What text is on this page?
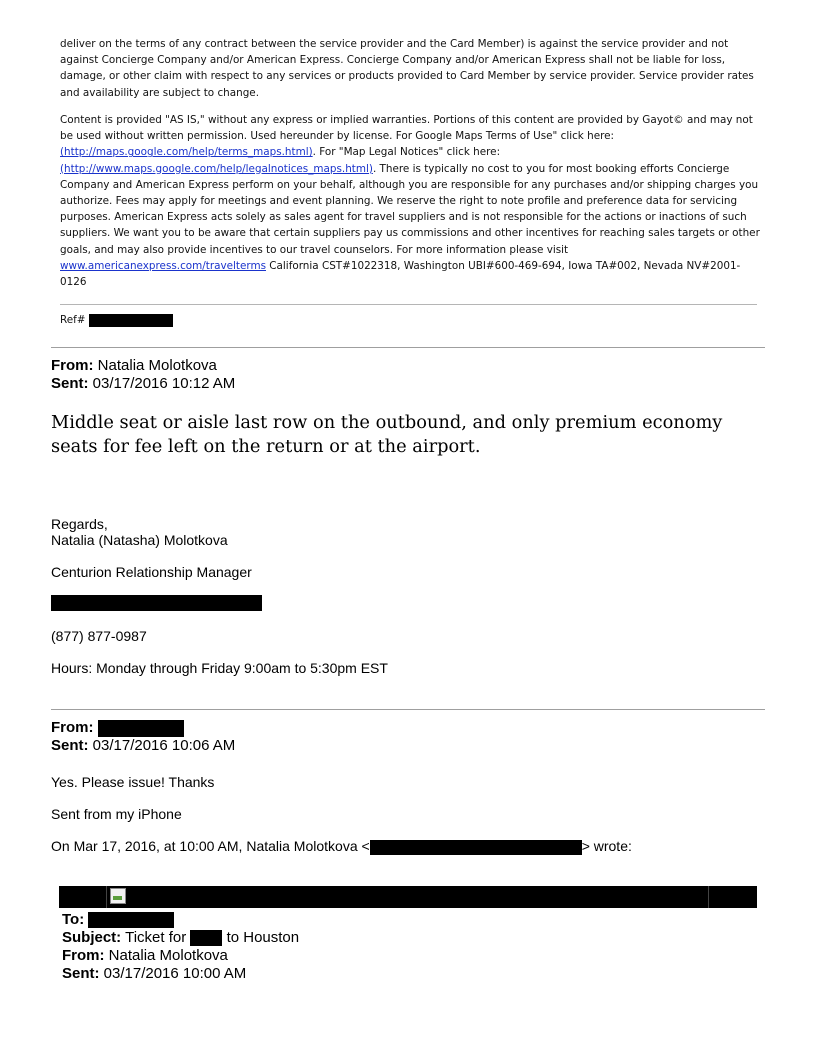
deliver on the terms of any contract between the service provider and the Card Member) is against the service provider and not against Concierge Company and/or American Express. Concierge Company and/or American Express shall not be liable for loss, damage, or other claim with respect to any services or products provided to Card Member by service provider. Service provider rates and availability are subject to change.

Content is provided "AS IS," without any express or implied warranties. Portions of this content are provided by Gayot© and may not be used without written permission. Used hereunder by license. For Google Maps Terms of Use" click here: (http://maps.google.com/help/terms_maps.html). For "Map Legal Notices" click here: (http://www.maps.google.com/help/legalnotices_maps.html). There is typically no cost to you for most booking efforts Concierge Company and American Express perform on your behalf, although you are responsible for any purchases and/or shipping charges you authorize. Fees may apply for meetings and event planning. We reserve the right to note profile and preference data for servicing purposes. American Express acts solely as sales agent for travel suppliers and is not responsible for the actions or inactions of such suppliers. We want you to be aware that certain suppliers pay us commissions and other incentives for reaching sales targets or other goals, and may also provide incentives to our travel counselors. For more information please visit www.americanexpress.com/travelterms California CST#1022318, Washington UBI#600-469-694, Iowa TA#002, Nevada NV#2001-0126

Ref#
From: Natalia Molotkova
Sent: 03/17/2016 10:12 AM
Middle seat or aisle last row on the outbound, and only premium economy seats for fee left on the return or at the airport.
Regards,
Natalia (Natasha) Molotkova
Centurion Relationship Manager
(877) 877-0987
Hours: Monday through Friday 9:00am to 5:30pm EST
From:
Sent: 03/17/2016 10:06 AM
Yes. Please issue! Thanks
Sent from my iPhone
On Mar 17, 2016, at 10:00 AM, Natalia Molotkova <	> wrote:
To:
Subject: Ticket for	to Houston
From: Natalia Molotkova
Sent: 03/17/2016 10:00 AM
